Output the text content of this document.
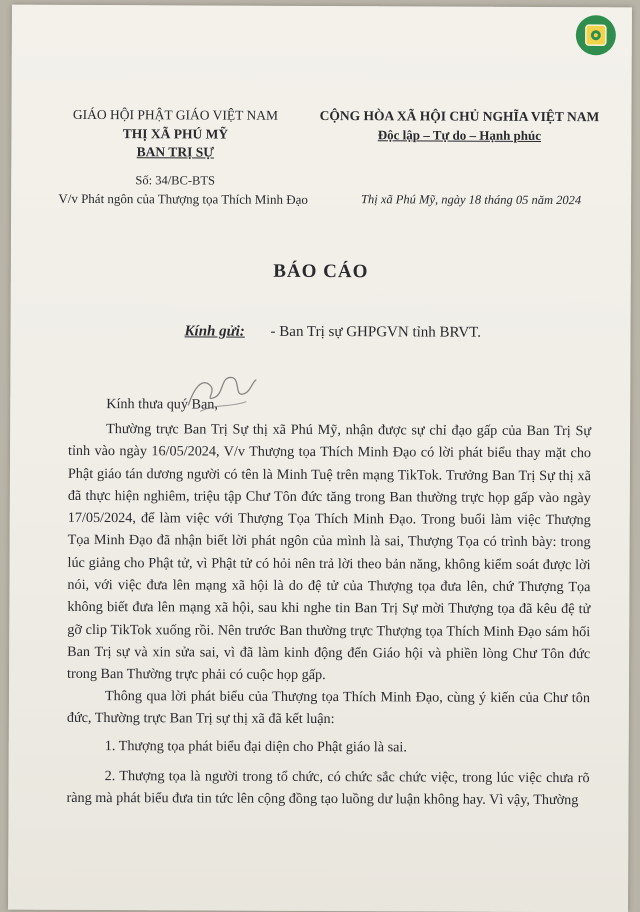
GIÁO HỘI PHẬT GIÁO VIỆT NAM
THỊ XÃ PHÚ MỸ
BAN TRỊ SỰ
Số: 34/BC-BTS
V/v Phát ngôn của Thượng tọa Thích Minh Đạo
CỘNG HÒA XÃ HỘI CHỦ NGHĨA VIỆT NAM
Độc lập – Tự do – Hạnh phúc
Thị xã Phú Mỹ, ngày 18 tháng 05 năm 2024
BÁO CÁO
Kính gửi: - Ban Trị sự GHPGVN tỉnh BRVT.
Kính thưa quý Ban,

Thường trực Ban Trị Sự thị xã Phú Mỹ, nhận được sự chỉ đạo gấp của Ban Trị Sự tỉnh vào ngày 16/05/2024, V/v Thượng tọa Thích Minh Đạo có lời phát biểu thay mặt cho Phật giáo tán dương người có tên là Minh Tuệ trên mạng TikTok. Trưởng Ban Trị Sự thị xã đã thực hiện nghiêm, triệu tập Chư Tôn đức tăng trong Ban thường trực họp gấp vào ngày 17/05/2024, để làm việc với Thượng Tọa Thích Minh Đạo. Trong buổi làm việc Thượng Tọa Minh Đạo đã nhận biết lời phát ngôn của mình là sai, Thượng Tọa có trình bày: trong lúc giảng cho Phật tử, vì Phật tử có hỏi nên trả lời theo bản năng, không kiểm soát được lời nói, với việc đưa lên mạng xã hội là do đệ tử của Thượng tọa đưa lên, chứ Thượng Tọa không biết đưa lên mạng xã hội, sau khi nghe tin Ban Trị Sự mời Thượng tọa đã kêu đệ tử gỡ clip TikTok xuống rồi. Nên trước Ban thường trực Thượng tọa Thích Minh Đạo sám hối Ban Trị sự và xin sửa sai, vì đã làm kinh động đến Giáo hội và phiền lòng Chư Tôn đức trong Ban Thường trực phải có cuộc họp gấp.

Thông qua lời phát biểu của Thượng tọa Thích Minh Đạo, cùng ý kiến của Chư tôn đức, Thường trực Ban Trị sự thị xã đã kết luận:

1. Thượng tọa phát biểu đại diện cho Phật giáo là sai.

2. Thượng tọa là người trong tổ chức, có chức sắc chức việc, trong lúc việc chưa rõ ràng mà phát biểu đưa tin tức lên cộng đồng tạo luồng dư luận không hay. Vì vậy, Thường
